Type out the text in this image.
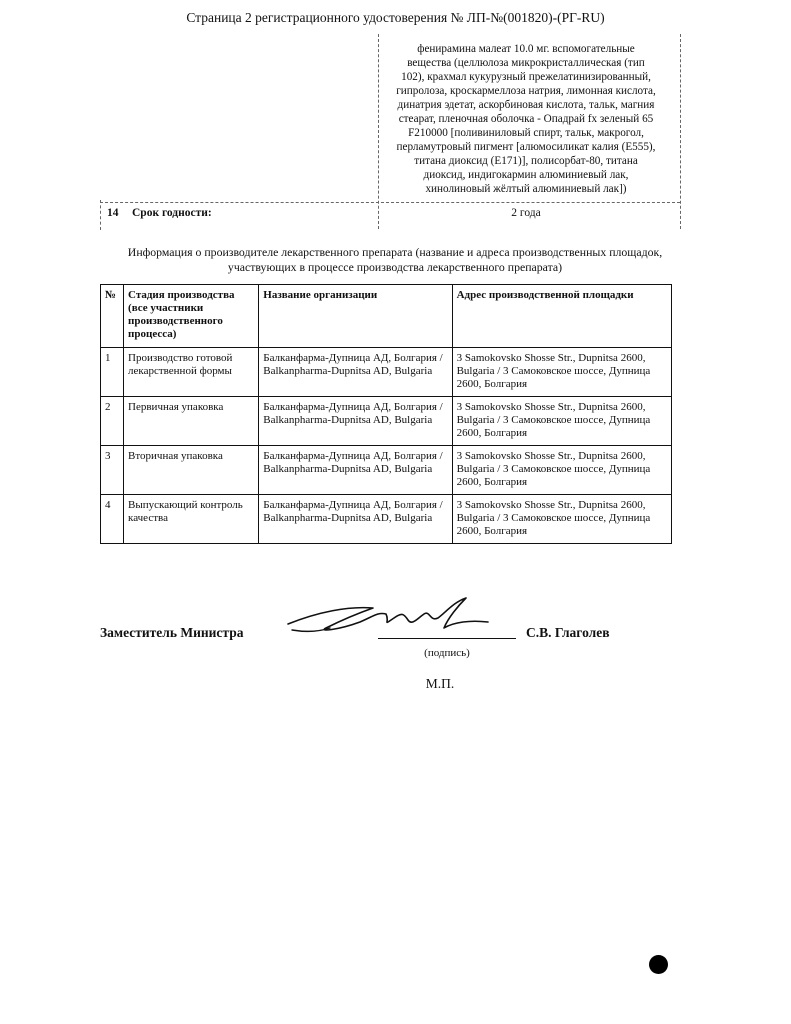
Страница 2 регистрационного удостоверения № ЛП-№(001820)-(РГ-RU)
фенирамина малеат 10.0 мг. вспомогательные
вещества (целлюлоза микрокристаллическая (тип
102), крахмал кукурузный прежелатинизированный,
гипролоза, кроскармеллоза натрия, лимонная кислота,
динатрия эдетат, аскорбиновая кислота, тальк, магния
стеарат, пленочная оболочка - Опадрай fx зеленый 65
F210000 [поливиниловый спирт, тальк, макрогол,
перламутровый пигмент [алюмосиликат калия (Е555),
титана диоксид (Е171)], полисорбат-80, титана
диоксид, индигокармин алюминиевый лак,
хинолиновый жёлтый алюминиевый лак])
14 Срок годности:	2 года
Информация о производителе лекарственного препарата (название и адреса производственных площадок,
участвующих в процессе производства лекарственного препарата)
№	Стадия производства (все участники производственного процесса)	Название организации	Адрес производственной площадки
1	Производство готовой лекарственной формы	Балканфарма-Дупница АД, Болгария / Balkanpharma-Dupnitsa AD, Bulgaria	3 Samokovsko Shosse Str., Dupnitsa 2600, Bulgaria / 3 Самоковское шоссе, Дупница 2600, Болгария
2	Первичная упаковка	Балканфарма-Дупница АД, Болгария / Balkanpharma-Dupnitsa AD, Bulgaria	3 Samokovsko Shosse Str., Dupnitsa 2600, Bulgaria / 3 Самоковское шоссе, Дупница 2600, Болгария
3	Вторичная упаковка	Балканфарма-Дупница АД, Болгария / Balkanpharma-Dupnitsa AD, Bulgaria	3 Samokovsko Shosse Str., Dupnitsa 2600, Bulgaria / 3 Самоковское шоссе, Дупница 2600, Болгария
4	Выпускающий контроль качества	Балканфарма-Дупница АД, Болгария / Balkanpharma-Dupnitsa AD, Bulgaria	3 Samokovsko Shosse Str., Dupnitsa 2600, Bulgaria / 3 Самоковское шоссе, Дупница 2600, Болгария
Заместитель Министра	С.В. Глаголев
(подпись)
М.П.
